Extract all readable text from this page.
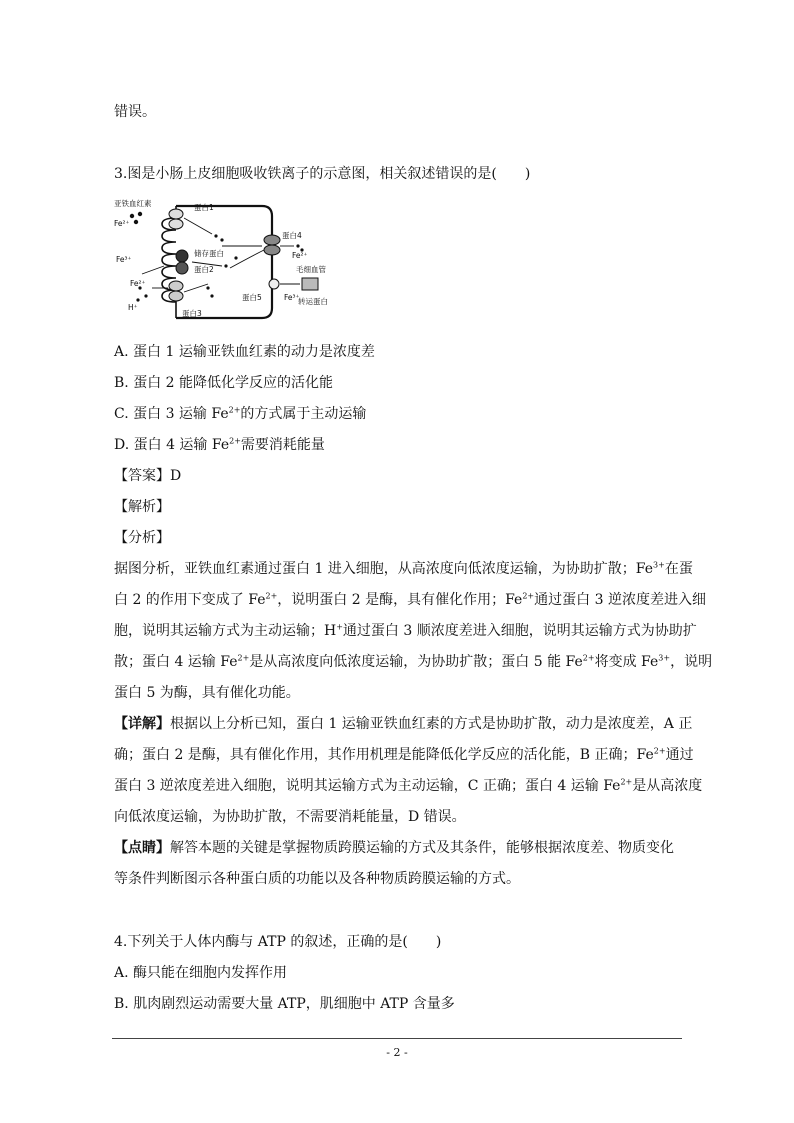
错误。
3.图是小肠上皮细胞吸收铁离子的示意图，相关叙述错误的是(　　)
亚铁血红素
Fe²⁺
Fe³⁺
Fe²⁺
H⁺
蛋白1
储存蛋白
蛋白2
蛋白3
蛋白4
Fe²⁺
蛋白5	Fe³⁺
毛细血管
转运蛋白
A. 蛋白 1 运输亚铁血红素的动力是浓度差
B. 蛋白 2 能降低化学反应的活化能
C. 蛋白 3 运输 $Fe^{2+}$的方式属于主动运输
D. 蛋白 4 运输 $Fe^{2+}$需要消耗能量
【答案】D
【解析】
【分析】
据图分析，亚铁血红素通过蛋白 1 进入细胞，从高浓度向低浓度运输，为协助扩散；$Fe^{3+}$在蛋
白 2 的作用下变成了 $Fe^{2+}$，说明蛋白 2 是酶，具有催化作用；$Fe^{2+}$通过蛋白 3 逆浓度差进入细
胞，说明其运输方式为主动运输；H+通过蛋白 3 顺浓度差进入细胞，说明其运输方式为协助扩
散；蛋白 4 运输 $Fe^{2+}$是从高浓度向低浓度运输，为协助扩散；蛋白 5 能 $Fe^{2+}$将变成 $Fe^{3+}$，说明
蛋白 5 为酶，具有催化功能。
【详解】根据以上分析已知，蛋白 1 运输亚铁血红素的方式是协助扩散，动力是浓度差，A 正
确；蛋白 2 是酶，具有催化作用，其作用机理是能降低化学反应的活化能，B 正确；$Fe^{2+}$通过
蛋白 3 逆浓度差进入细胞，说明其运输方式为主动运输，C 正确；蛋白 4 运输 $Fe^{2+}$是从高浓度
向低浓度运输，为协助扩散，不需要消耗能量，D 错误。
【点睛】解答本题的关键是掌握物质跨膜运输的方式及其条件，能够根据浓度差、物质变化
等条件判断图示各种蛋白质的功能以及各种物质跨膜运输的方式。
4.下列关于人体内酶与 ATP 的叙述，正确的是(　　)
A. 酶只能在细胞内发挥作用
B. 肌肉剧烈运动需要大量 ATP，肌细胞中 ATP 含量多
- 2 -
